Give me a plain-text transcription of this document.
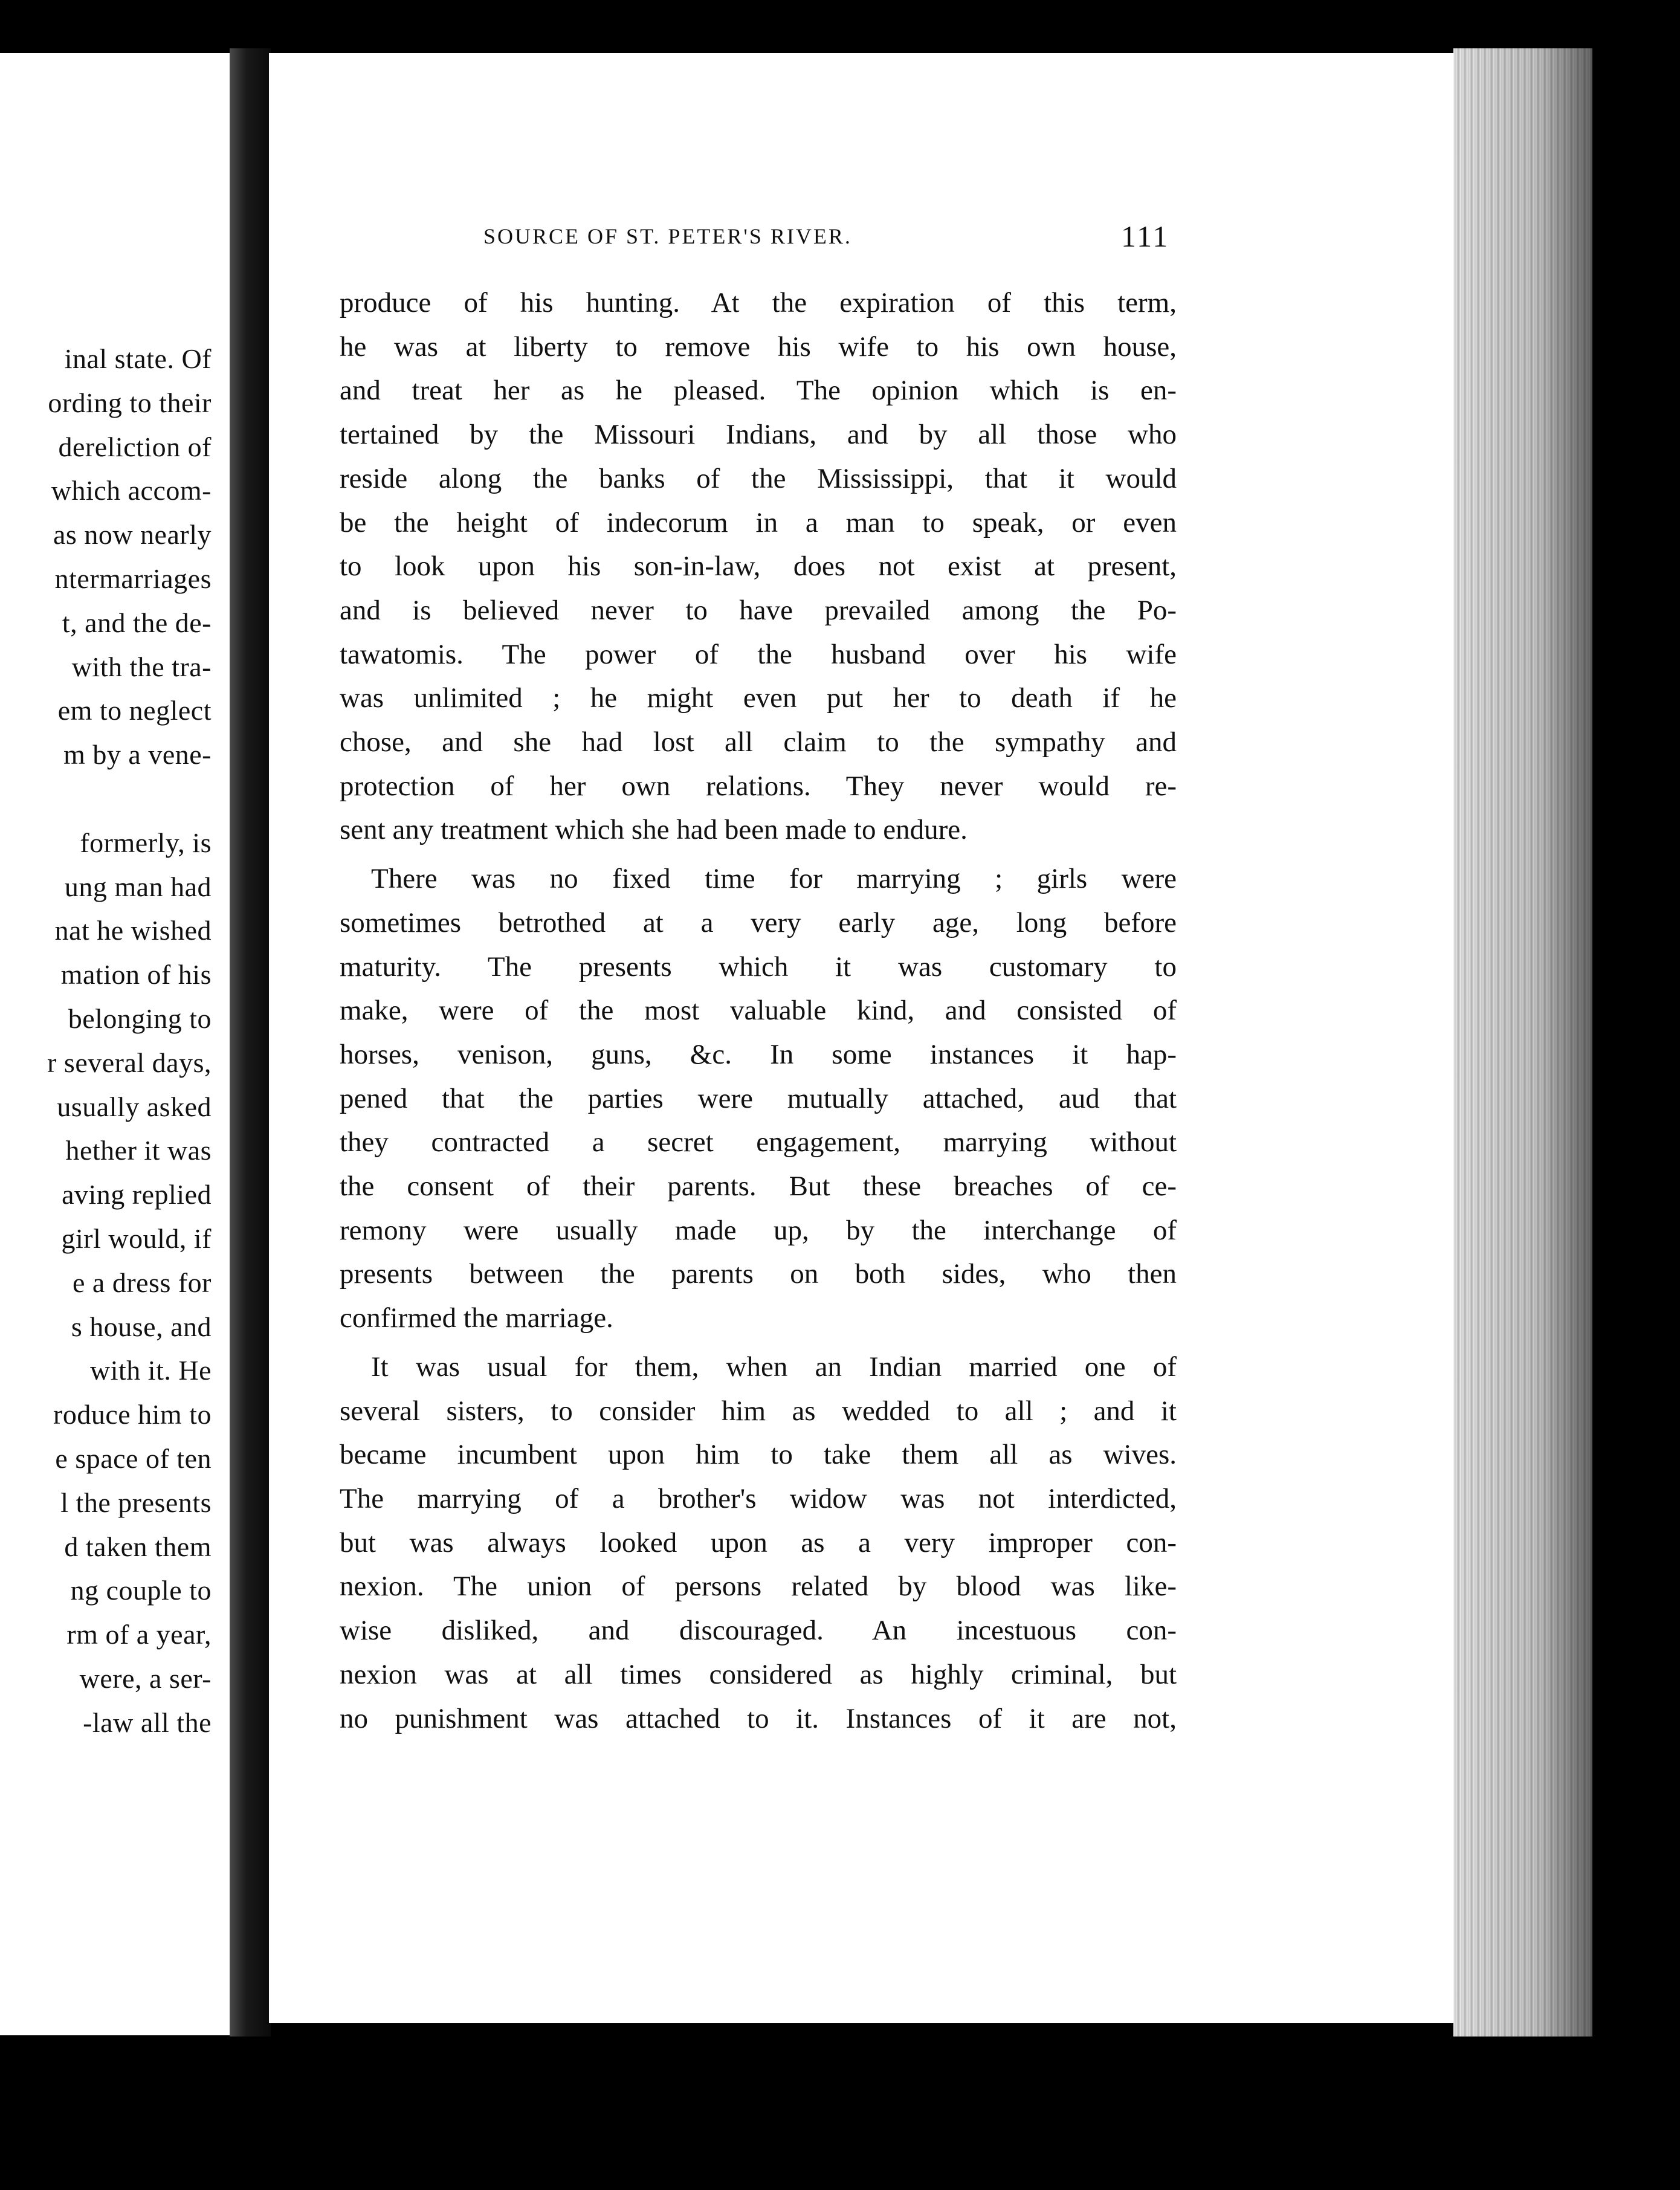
inal state. Of
ording to their
dereliction of
which accom-
as now nearly
ntermarriages
t, and the de-
with the tra-
em to neglect
m by a vene-

formerly, is
ung man had
nat he wished
mation of his
belonging to
r several days,
usually asked
hether it was
aving replied
girl would, if
e a dress for
s house, and
with it. He
roduce him to
e space of ten
l the presents
d taken them
ng couple to
rm of a year,
were, a ser-
-law all the
SOURCE OF ST. PETER'S RIVER.	111
produce of his hunting. At the expiration of this term,
he was at liberty to remove his wife to his own house,
and treat her as he pleased. The opinion which is en-
tertained by the Missouri Indians, and by all those who
reside along the banks of the Mississippi, that it would
be the height of indecorum in a man to speak, or even
to look upon his son-in-law, does not exist at present,
and is believed never to have prevailed among the Po-
tawatomis. The power of the husband over his wife
was unlimited ; he might even put her to death if he
chose, and she had lost all claim to the sympathy and
protection of her own relations. They never would re-
sent any treatment which she had been made to endure.
There was no fixed time for marrying ; girls were
sometimes betrothed at a very early age, long before
maturity. The presents which it was customary to
make, were of the most valuable kind, and consisted of
horses, venison, guns, &c. In some instances it hap-
pened that the parties were mutually attached, aud that
they contracted a secret engagement, marrying without
the consent of their parents. But these breaches of ce-
remony were usually made up, by the interchange of
presents between the parents on both sides, who then
confirmed the marriage.
It was usual for them, when an Indian married one of
several sisters, to consider him as wedded to all ; and it
became incumbent upon him to take them all as wives.
The marrying of a brother's widow was not interdicted,
but was always looked upon as a very improper con-
nexion. The union of persons related by blood was like-
wise disliked, and discouraged. An incestuous con-
nexion was at all times considered as highly criminal, but
no punishment was attached to it. Instances of it are not,
